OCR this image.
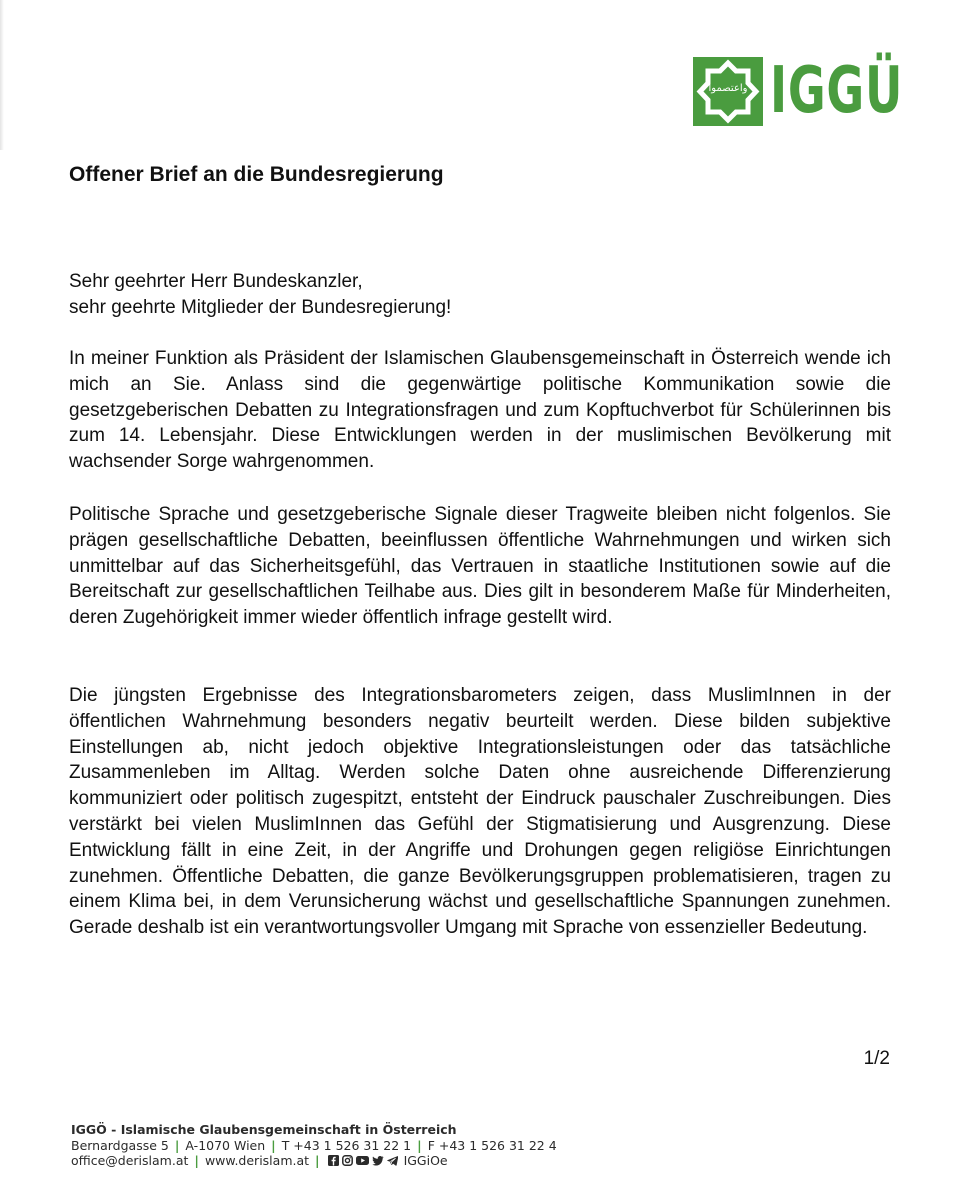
واعتصموا IGGÜ
Offener Brief an die Bundesregierung
Sehr geehrter Herr Bundeskanzler,
sehr geehrte Mitglieder der Bundesregierung!

In meiner Funktion als Präsident der Islamischen Glaubensgemeinschaft in Österreich wende ich mich an Sie. Anlass sind die gegenwärtige politische Kommunikation sowie die gesetzgeberischen Debatten zu Integrationsfragen und zum Kopftuchverbot für Schülerinnen bis zum 14. Lebensjahr. Diese Entwicklungen werden in der muslimischen Bevölkerung mit wachsender Sorge wahrgenommen.

Politische Sprache und gesetzgeberische Signale dieser Tragweite bleiben nicht folgenlos. Sie prägen gesellschaftliche Debatten, beeinflussen öffentliche Wahrnehmungen und wirken sich unmittelbar auf das Sicherheitsgefühl, das Vertrauen in staatliche Institutionen sowie auf die Bereitschaft zur gesellschaftlichen Teilhabe aus. Dies gilt in besonderem Maße für Minderheiten, deren Zugehörigkeit immer wieder öffentlich infrage gestellt wird.

Die jüngsten Ergebnisse des Integrationsbarometers zeigen, dass MuslimInnen in der öffentlichen Wahrnehmung besonders negativ beurteilt werden. Diese bilden subjektive Einstellungen ab, nicht jedoch objektive Integrationsleistungen oder das tatsächliche Zusammenleben im Alltag. Werden solche Daten ohne ausreichende Differenzierung kommuniziert oder politisch zugespitzt, entsteht der Eindruck pauschaler Zuschreibungen. Dies verstärkt bei vielen MuslimInnen das Gefühl der Stigmatisierung und Ausgrenzung. Diese Entwicklung fällt in eine Zeit, in der Angriffe und Drohungen gegen religiöse Einrichtungen zunehmen. Öffentliche Debatten, die ganze Bevölkerungsgruppen problematisieren, tragen zu einem Klima bei, in dem Verunsicherung wächst und gesellschaftliche Spannungen zunehmen. Gerade deshalb ist ein verantwortungsvoller Umgang mit Sprache von essenzieller Bedeutung.

1/2
IGGÖ - Islamische Glaubensgemeinschaft in Österreich
Bernardgasse 5 | A-1070 Wien | T +43 1 526 31 22 1 | F +43 1 526 31 22 4
office@derislam.at | www.derislam.at |	IGGiOe
